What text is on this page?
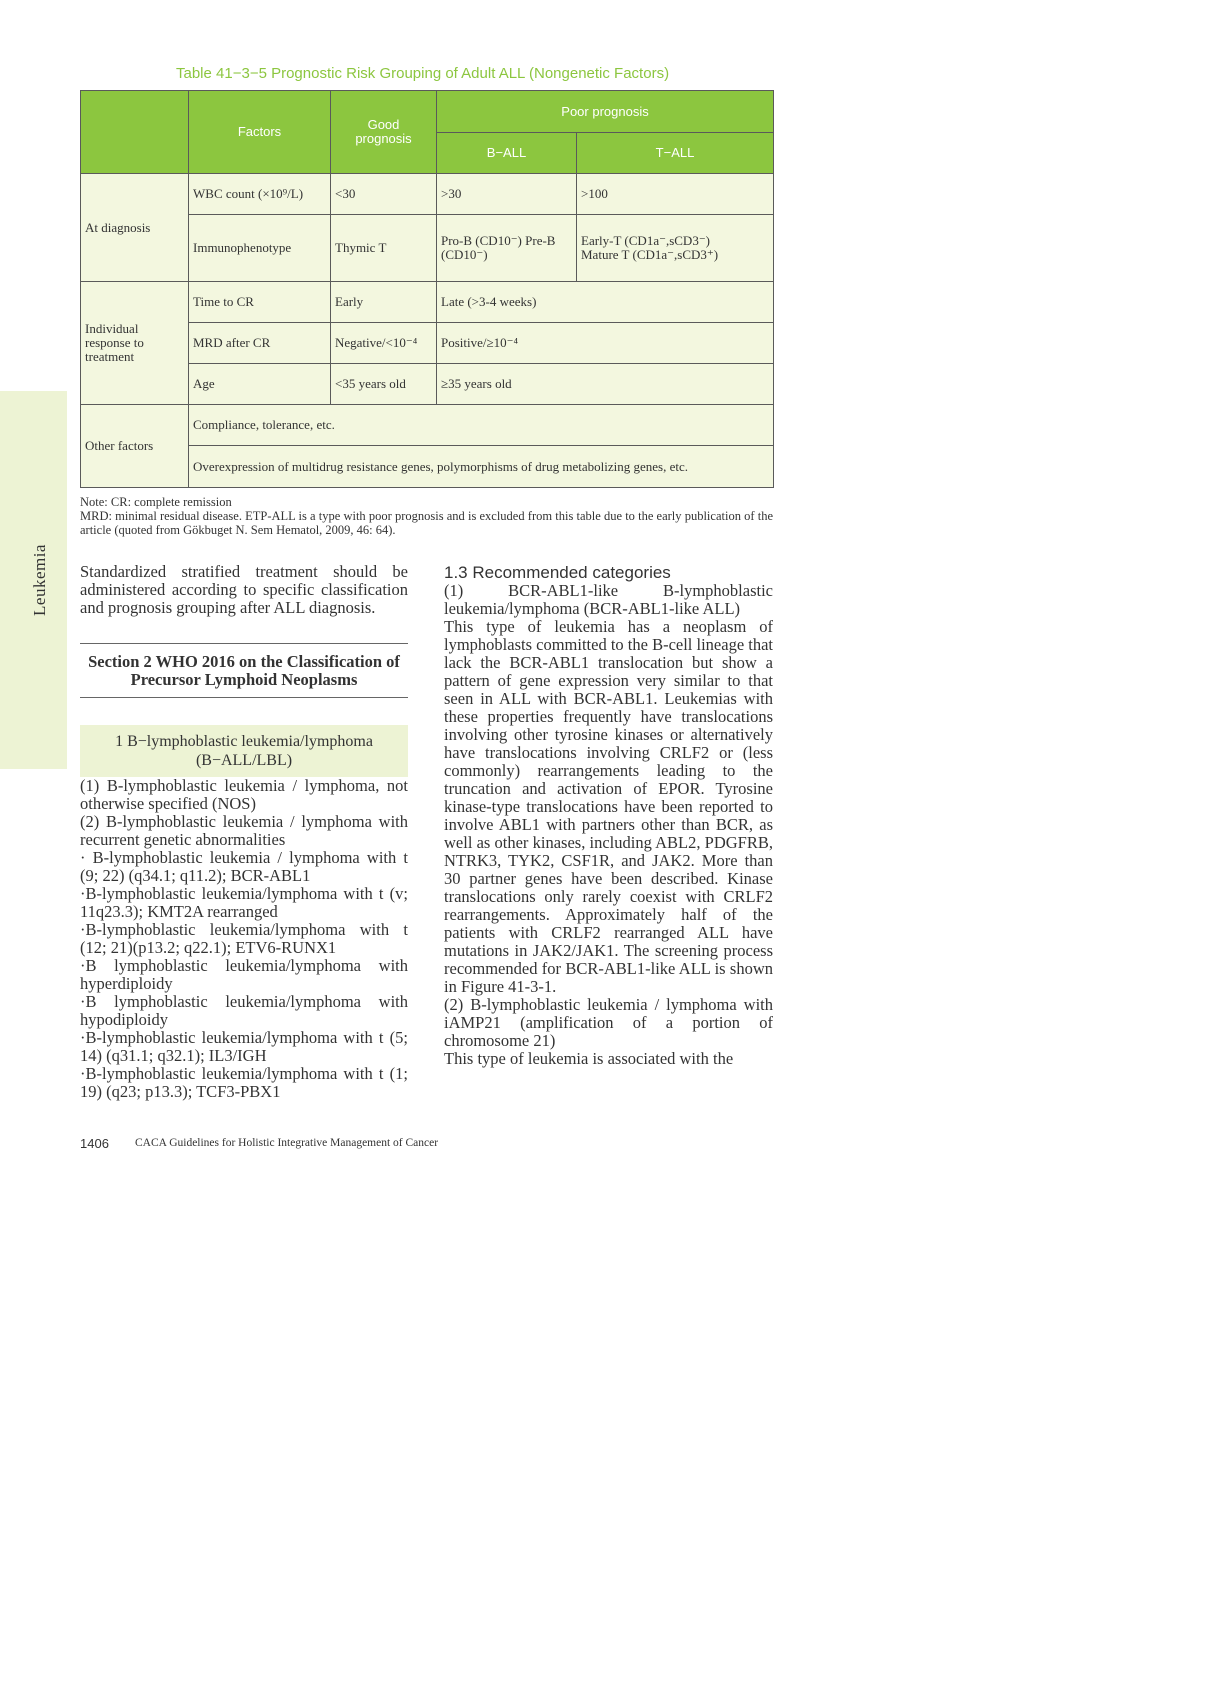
Leukemia
Table 41−3−5 Prognostic Risk Grouping of Adult ALL (Nongenetic Factors)
	Factors	Good prognosis	Poor prognosis	
			B−ALL	T−ALL
At diagnosis	WBC count (×10⁹/L)	<30	>30	>100
	Immunophenotype	Thymic T	Pro-B (CD10⁻) Pre-B (CD10⁻)	Early-T (CD1a⁻,sCD3⁻)
Mature T (CD1a⁻,sCD3⁺)

Individual response to treatment	Time to CR	Early	Late (>3-4 weeks)	
	MRD after CR	Negative/<10⁻⁴	Positive/≥10⁻⁴	
	Age	<35 years old	≥35 years old	
Other factors	Compliance, tolerance, etc.			
	Overexpression of multidrug resistance genes, polymorphisms of drug metabolizing genes, etc.			
Note: CR: complete remission
MRD: minimal residual disease. ETP-ALL is a type with poor prognosis and is excluded from this table due to the early publication of the article (quoted from Gökbuget N. Sem Hematol, 2009, 46: 64).

Standardized stratified treatment should be administered according to specific classification and prognosis grouping after ALL diagnosis.

Section 2 WHO 2016 on the Classification of Precursor Lymphoid Neoplasms
1 B−lymphoblastic leukemia/lymphoma (B−ALL/LBL)

(1) B-lymphoblastic leukemia / lymphoma, not otherwise specified (NOS)

(2) B-lymphoblastic leukemia / lymphoma with recurrent genetic abnormalities

· B-lymphoblastic leukemia / lymphoma with t (9; 22) (q34.1; q11.2); BCR-ABL1

·B-lymphoblastic leukemia/lymphoma with t (v; 11q23.3); KMT2A rearranged

·B-lymphoblastic leukemia/lymphoma with t (12; 21)(p13.2; q22.1); ETV6-RUNX1

·B lymphoblastic leukemia/lymphoma with hyperdiploidy

·B lymphoblastic leukemia/lymphoma with hypodiploidy

·B-lymphoblastic leukemia/lymphoma with t (5; 14) (q31.1; q32.1); IL3/IGH

·B-lymphoblastic leukemia/lymphoma with t (1; 19) (q23; p13.3); TCF3-PBX1

1.3 Recommended categories

(1) BCR-ABL1-like B-lymphoblastic leukemia/lymphoma (BCR-ABL1-like ALL)

This type of leukemia has a neoplasm of lymphoblasts committed to the B-cell lineage that lack the BCR-ABL1 translocation but show a pattern of gene expression very similar to that seen in ALL with BCR-ABL1. Leukemias with these properties frequently have translocations involving other tyrosine kinases or alternatively have translocations involving CRLF2 or (less commonly) rearrangements leading to the truncation and activation of EPOR. Tyrosine kinase-type translocations have been reported to involve ABL1 with partners other than BCR, as well as other kinases, including ABL2, PDGFRB, NTRK3, TYK2, CSF1R, and JAK2. More than 30 partner genes have been described. Kinase translocations only rarely coexist with CRLF2 rearrangements. Approximately half of the patients with CRLF2 rearranged ALL have mutations in JAK2/JAK1. The screening process recommended for BCR-ABL1-like ALL is shown in Figure 41-3-1.

(2) B-lymphoblastic leukemia / lymphoma with iAMP21 (amplification of a portion of chromosome 21)

This type of leukemia is associated with the

1406 CACA Guidelines for Holistic Integrative Management of Cancer
